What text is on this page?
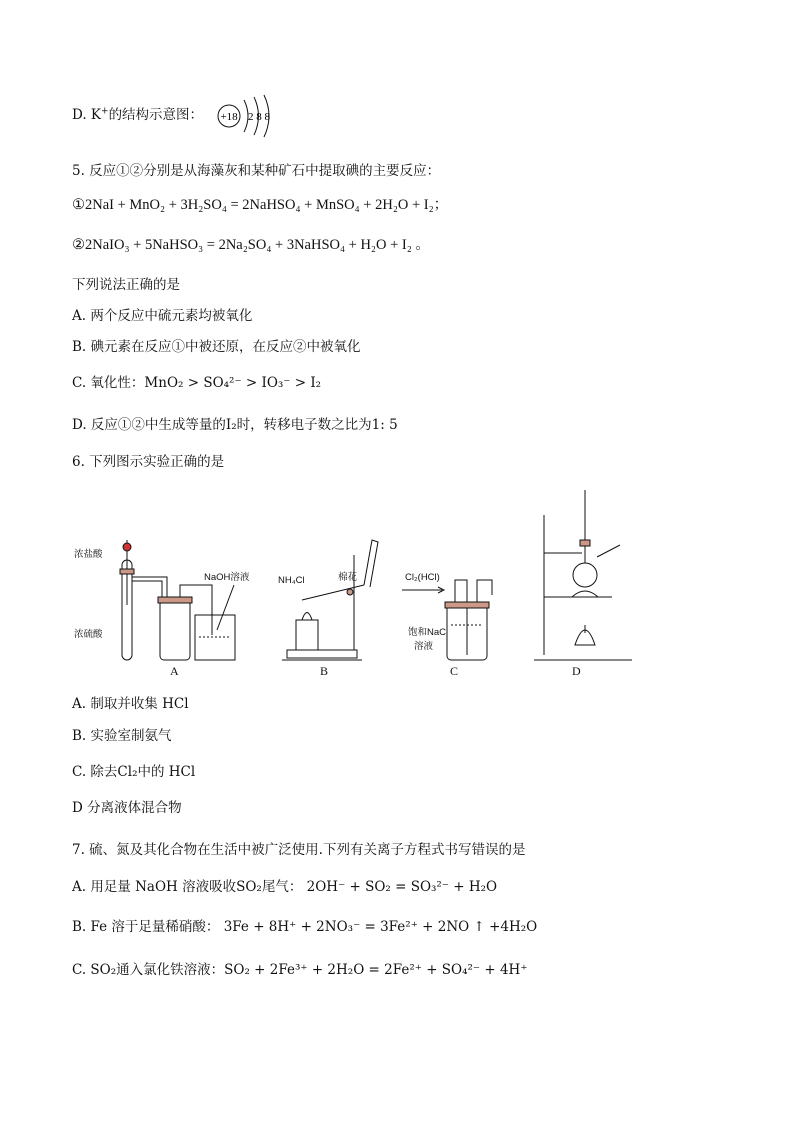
D. K+的结构示意图： +18 2 8 8
5. 反应①②分别是从海藻灰和某种矿石中提取碘的主要反应：
①2NaI + MnO₂ + 3H₂SO₄ = 2NaHSO₄ + MnSO₄ + 2H₂O + I₂；
②2NaIO₃ + 5NaHSO₃ = 2Na₂SO₄ + 3NaHSO₄ + H₂O + I₂ 。
下列说法正确的是
A. 两个反应中硫元素均被氧化
B. 碘元素在反应①中被还原，在反应②中被氧化
C. 氧化性：MnO₂ > SO₄²⁻ > IO₃⁻ > I₂
D. 反应①②中生成等量的I₂时，转移电子数之比为1: 5
6. 下列图示实验正确的是
浓盐酸
NaOH溶液
浓硫酸
NH₄Cl	棉花	Cl₂(HCl)
饱和NaCl
溶液
A	B	C	D
A. 制取并收集 HCl
B. 实验室制氨气
C. 除去Cl₂中的 HCl
D 分离液体混合物
7. 硫、氮及其化合物在生活中被广泛使用.下列有关离子方程式书写错误的是
A. 用足量 NaOH 溶液吸收SO₂尾气： 2OH⁻ + SO₂ = SO₃²⁻ + H₂O
B. Fe 溶于足量稀硝酸： 3Fe + 8H⁺ + 2NO₃⁻ = 3Fe²⁺ + 2NO ↑ +4H₂O
C. SO₂通入氯化铁溶液：SO₂ + 2Fe³⁺ + 2H₂O = 2Fe²⁺ + SO₄²⁻ + 4H⁺
